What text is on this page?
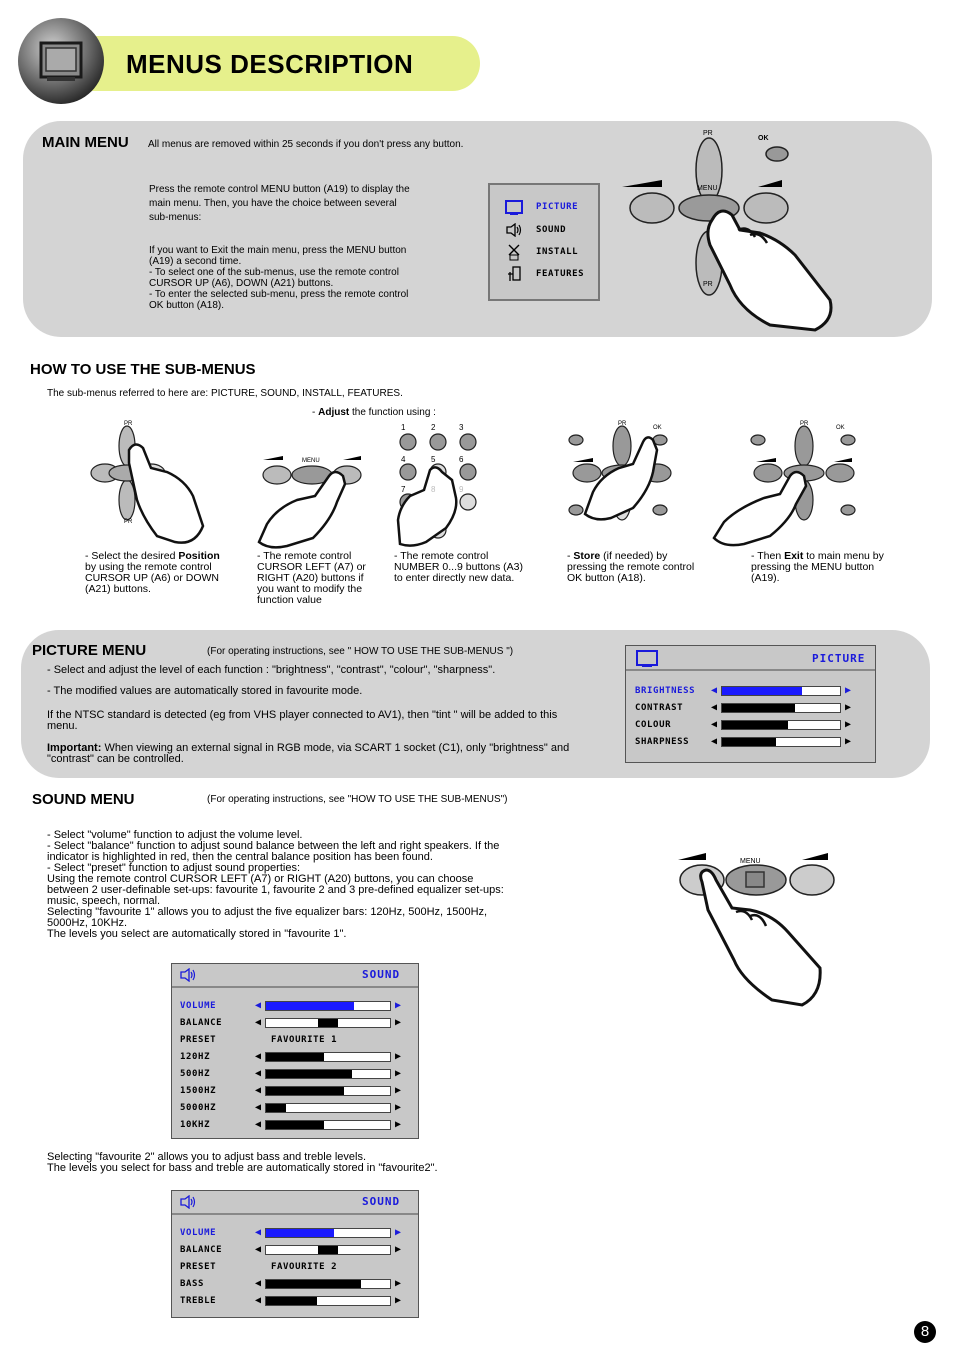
MENUS DESCRIPTION
MAIN MENU All menus are removed within 25 seconds if you don't press any button.
Press the remote control MENU button (A19) to display the main menu. Then, you have the choice between several sub-menus:
If you want to Exit the main menu, press the MENU button
(A19) a second time.
- To select one of the sub-menus, use the remote control
CURSOR UP (A6), DOWN (A21) buttons.
- To enter the selected sub-menu, press the remote control
OK button (A18).
PICTURE
SOUND
INSTALL
FEATURES
PR
OK
MENU
PR
HOW TO USE THE SUB-MENUS
The sub-menus referred to here are: PICTURE, SOUND, INSTALL, FEATURES.
- Adjust the function using :
PR
PR
MENU
1	2	3
4	5	6
7	8	9
PR
OK
PR
OK
- Select the desired Position by using the remote control CURSOR UP (A6) or DOWN (A21) buttons.
- The remote control CURSOR LEFT (A7) or RIGHT (A20) buttons if you want to modify the function value
- The remote control NUMBER 0...9 buttons (A3) to enter directly new data.
- Store (if needed) by pressing the remote control OK button (A18).
- Then Exit to main menu by pressing the MENU button (A19).
PICTURE MENU	(For operating instructions, see " HOW TO USE THE SUB-MENUS ")
- Select and adjust the level of each function : "brightness", "contrast", "colour", "sharpness".
- The modified values are automatically stored in favourite mode.
If the NTSC standard is detected (eg from VHS player connected to AV1), then "tint " will be added to this menu.
Important: When viewing an external signal in RGB mode, via SCART 1 socket (C1), only "brightness" and "contrast" can be controlled.
PICTURE
BRIGHTNESS ◀	▶
CONTRAST	◀	▶
COLOUR	◀	▶
SHARPNESS ◀	▶
SOUND MENU	(For operating instructions, see "HOW TO USE THE SUB-MENUS")
- Select "volume" function to adjust the volume level.
- Select "balance" function to adjust sound balance between the left and right speakers. If the
indicator is highlighted in red, then the central balance position has been found.
- Select "preset" function to adjust sound properties:
Using the remote control CURSOR LEFT (A7) or RIGHT (A20) buttons, you can choose
between 2 user-definable set-ups: favourite 1, favourite 2 and 3 pre-defined equalizer set-ups:
music, speech, normal.
Selecting "favourite 1" allows you to adjust the five equalizer bars: 120Hz, 500Hz, 1500Hz,
5000Hz, 10KHz.
The levels you select are automatically stored in "favourite 1".
MENU
SOUND
VOLUME	◀	▶
BALANCE	◀	▶
PRESET	FAVOURITE 1
120HZ	◀	▶
500HZ	◀	▶
1500HZ	◀	▶
5000HZ	◀	▶
10KHZ	◀	▶
Selecting "favourite 2" allows you to adjust bass and treble levels.
The levels you select for bass and treble are automatically stored in "favourite2".
SOUND
VOLUME	◀	▶
BALANCE	◀	▶
PRESET	FAVOURITE 2
BASS	◀	▶
TREBLE	◀	▶
8
